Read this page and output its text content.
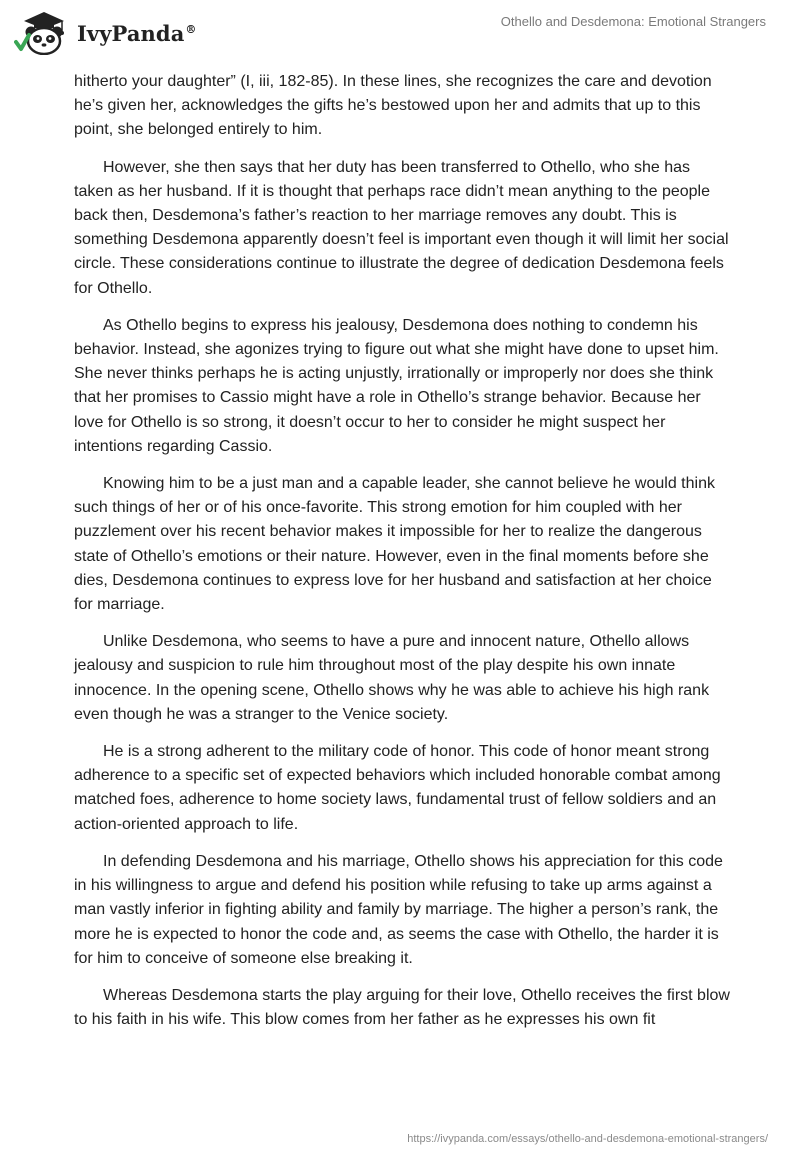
IvyPanda®	Othello and Desdemona: Emotional Strangers

hitherto your daughter” (I, iii, 182-85). In these lines, she recognizes the care and devotion he’s given her, acknowledges the gifts he’s bestowed upon her and admits that up to this point, she belonged entirely to him.

However, she then says that her duty has been transferred to Othello, who she has taken as her husband. If it is thought that perhaps race didn’t mean anything to the people back then, Desdemona’s father’s reaction to her marriage removes any doubt. This is something Desdemona apparently doesn’t feel is important even though it will limit her social circle. These considerations continue to illustrate the degree of dedication Desdemona feels for Othello.

As Othello begins to express his jealousy, Desdemona does nothing to condemn his behavior. Instead, she agonizes trying to figure out what she might have done to upset him. She never thinks perhaps he is acting unjustly, irrationally or improperly nor does she think that her promises to Cassio might have a role in Othello’s strange behavior. Because her love for Othello is so strong, it doesn’t occur to her to consider he might suspect her intentions regarding Cassio.

Knowing him to be a just man and a capable leader, she cannot believe he would think such things of her or of his once-favorite. This strong emotion for him coupled with her puzzlement over his recent behavior makes it impossible for her to realize the dangerous state of Othello’s emotions or their nature. However, even in the final moments before she dies, Desdemona continues to express love for her husband and satisfaction at her choice for marriage.

Unlike Desdemona, who seems to have a pure and innocent nature, Othello allows jealousy and suspicion to rule him throughout most of the play despite his own innate innocence. In the opening scene, Othello shows why he was able to achieve his high rank even though he was a stranger to the Venice society.

He is a strong adherent to the military code of honor. This code of honor meant strong adherence to a specific set of expected behaviors which included honorable combat among matched foes, adherence to home society laws, fundamental trust of fellow soldiers and an action-oriented approach to life.

In defending Desdemona and his marriage, Othello shows his appreciation for this code in his willingness to argue and defend his position while refusing to take up arms against a man vastly inferior in fighting ability and family by marriage. The higher a person’s rank, the more he is expected to honor the code and, as seems the case with Othello, the harder it is for him to conceive of someone else breaking it.

Whereas Desdemona starts the play arguing for their love, Othello receives the first blow to his faith in his wife. This blow comes from her father as he expresses his own fit

https://ivypanda.com/essays/othello-and-desdemona-emotional-strangers/
